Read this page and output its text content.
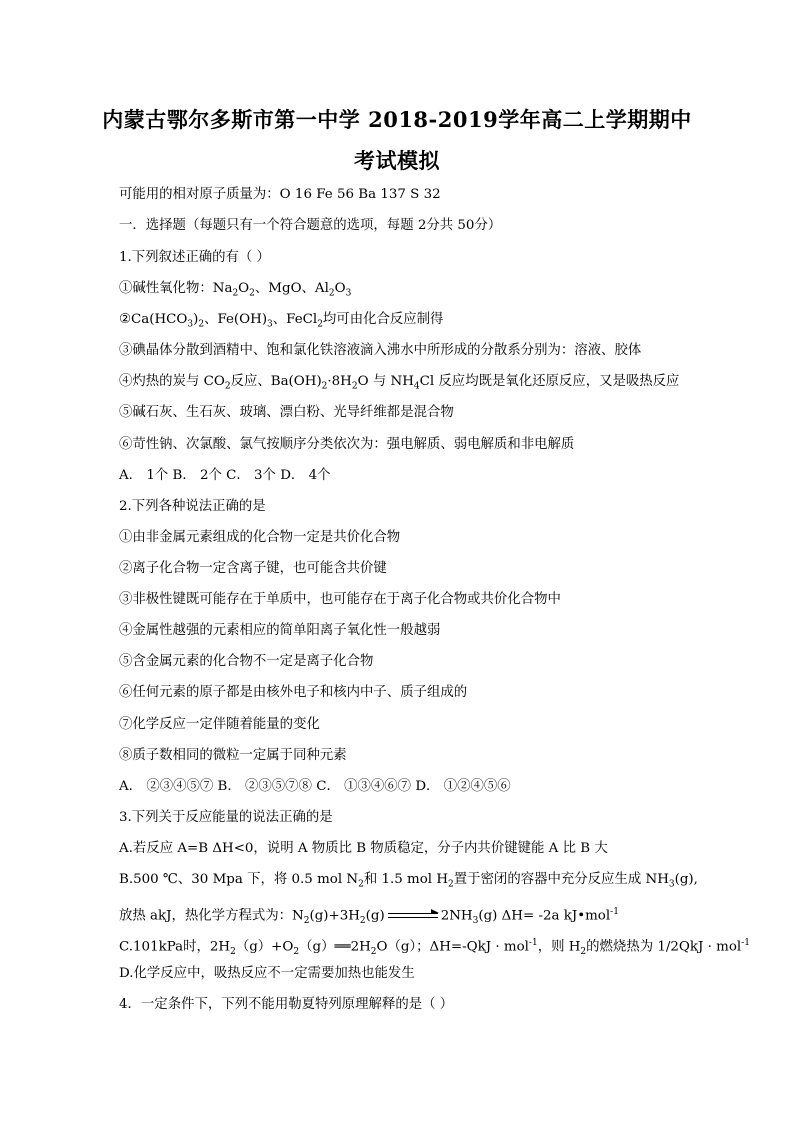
内蒙古鄂尔多斯市第一中学 2018-2019学年高二上学期期中
考试模拟
可能用的相对原子质量为：O 16 Fe 56 Ba 137 S 32
一．选择题（每题只有一个符合题意的选项，每题 2分共 50分）
1.下列叙述正确的有（ ）
①碱性氧化物：$Na_2O_2$、MgO、$Al_2O_3$
$②Ca(HCO_3)_2$、$Fe(OH)_3$、FeCl$_2$均可由化合反应制得
③碘晶体分散到酒精中、饱和氯化铁溶液滴入沸水中所形成的分散系分别为：溶液、胶体
④灼热的炭与 $CO_2$反应、$Ba(OH)_2\cdot 8H_2O$ 与 $NH_4Cl$ 反应均既是氧化还原反应，又是吸热反应
⑤碱石灰、生石灰、玻璃、漂白粉、光导纤维都是混合物
⑥苛性钠、次氯酸、氯气按顺序分类依次为：强电解质、弱电解质和非电解质
A． 1个 B． 2个 C． 3个 D． 4个
2.下列各种说法正确的是
①由非金属元素组成的化合物一定是共价化合物
②离子化合物一定含离子键，也可能含共价键
③非极性键既可能存在于单质中，也可能存在于离子化合物或共价化合物中
④金属性越强的元素相应的简单阳离子氧化性一般越弱
⑤含金属元素的化合物不一定是离子化合物
⑥任何元素的原子都是由核外电子和核内中子、质子组成的
⑦化学反应一定伴随着能量的变化
⑧质子数相同的微粒一定属于同种元素
A． ②③④⑤⑦ B． ②③⑤⑦⑧ C． ①③④⑥⑦ D． ①②④⑤⑥
3.下列关于反应能量的说法正确的是
A.若反应 A=B ΔH<0，说明 A 物质比 B 物质稳定，分子内共价键键能 A 比 B 大
B.500 ℃、30 Mpa 下，将 0.5 mol $N_2$和 1.5 mol $H_2$置于密闭的容器中充分反应生成 $NH_3(g)$,
放热 akJ，热化学方程式为：$N_2(g)+3H_2(g)$	$2NH_3(g)$ ΔH= -2a kJ•mol$^{-1}$
C.101kPa时，$2H_2(g)+O_2(g)══2H_2O(g)$；ΔH=-QkJ · mol$^{-1}$，则 $H_2$的燃烧热为 1/2QkJ · mol$^{-1}$
D.化学反应中，吸热反应不一定需要加热也能发生
4．一定条件下，下列不能用勒夏特列原理解释的是（ ）
